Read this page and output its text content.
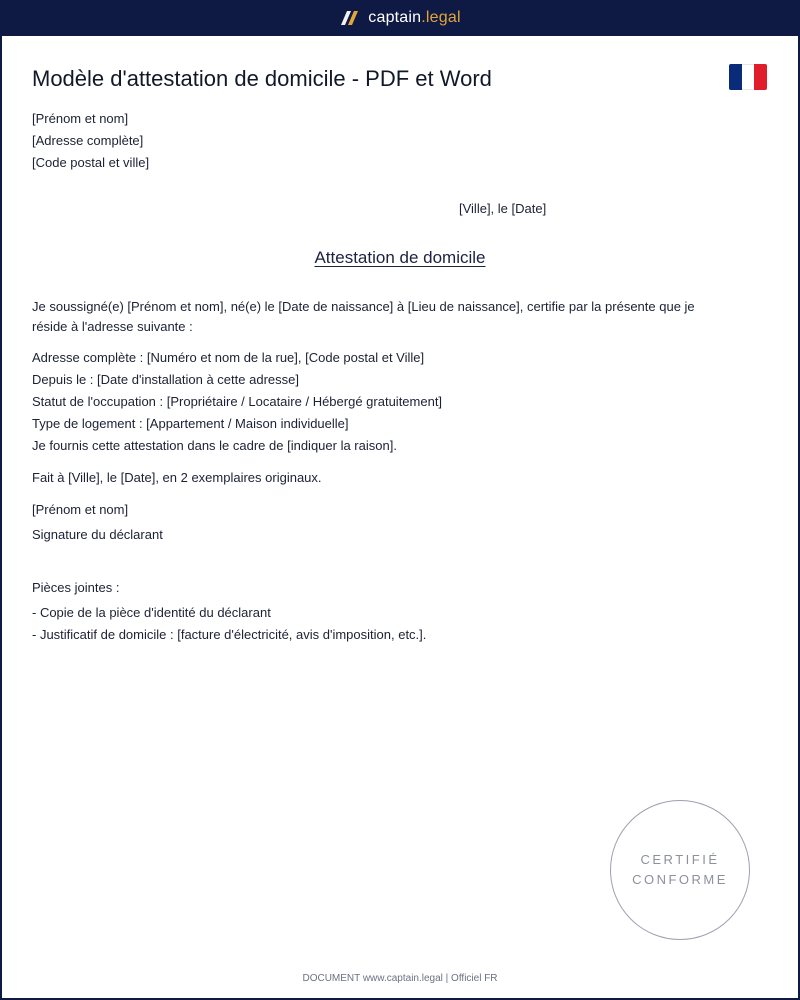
captain.legal
Modèle d'attestation de domicile - PDF et Word
[Prénom et nom]
[Adresse complète]
[Code postal et ville]
[Ville], le [Date]
Attestation de domicile
Je soussigné(e) [Prénom et nom], né(e) le [Date de naissance] à [Lieu de naissance], certifie par la présente que je réside à l'adresse suivante :
Adresse complète : [Numéro et nom de la rue], [Code postal et Ville]
Depuis le : [Date d'installation à cette adresse]
Statut de l'occupation : [Propriétaire / Locataire / Hébergé gratuitement]
Type de logement : [Appartement / Maison individuelle]
Je fournis cette attestation dans le cadre de [indiquer la raison].
Fait à [Ville], le [Date], en 2 exemplaires originaux.
[Prénom et nom]
Signature du déclarant
Pièces jointes :
- Copie de la pièce d'identité du déclarant
- Justificatif de domicile : [facture d'électricité, avis d'imposition, etc.].
CERTIFIÉ
CONFORME
DOCUMENT www.captain.legal | Officiel FR
